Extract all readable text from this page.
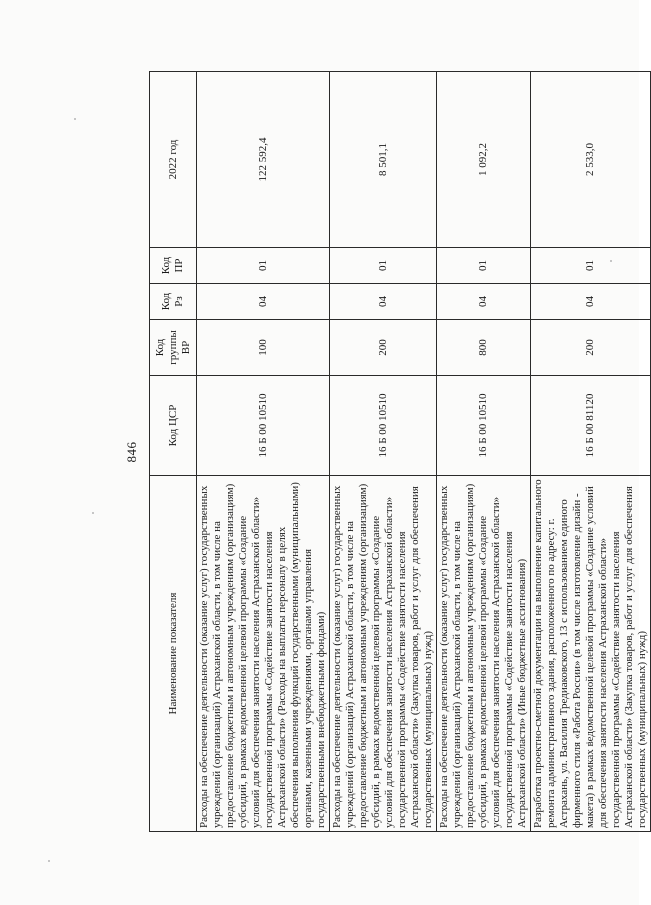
846
Наименование показателя	Код ЦСР	Код группы ВР	Код Рз	Код ПР	2022 год
Расходы на обеспечение деятельности (оказание услуг) государственных учреждений (организаций) Астраханской области, в том числе на предоставление бюджетным и автономным учреждениям (организациям) субсидий, в рамках ведомственной целевой программы «Создание условий для обеспечения занятости населения Астраханской области» государственной программы «Содействие занятости населения Астраханской области» (Расходы на выплаты персоналу в целях обеспечения выполнения функций государственными (муниципальными) органами, казенными учреждениями, органами управления государственными внебюджетными фондами)	16 Б 00 10510	100	04	01	122 592,4
Расходы на обеспечение деятельности (оказание услуг) государственных учреждений (организаций) Астраханской области, в том числе на предоставление бюджетным и автономным учреждениям (организациям) субсидий, в рамках ведомственной целевой программы «Создание условий для обеспечения занятости населения Астраханской области» государственной программы «Содействие занятости населения Астраханской области» (Закупка товаров, работ и услуг для обеспечения государственных (муниципальных) нужд)	16 Б 00 10510	200	04	01	8 501,1
Расходы на обеспечение деятельности (оказание услуг) государственных учреждений (организаций) Астраханской области, в том числе на предоставление бюджетным и автономным учреждениям (организациям) субсидий, в рамках ведомственной целевой программы «Создание условий для обеспечения занятости населения Астраханской области» государственной программы «Содействие занятости населения Астраханской области» (Иные бюджетные ассигнования)	16 Б 00 10510	800	04	01	1 092,2
Разработка проектно-сметной документации на выполнение капитального ремонта административного здания, расположенного по адресу: г. Астрахань, ул. Василия Тредиаковского, 13 с использованием единого фирменного стиля «Работа России» (в том числе изготовление дизайн - макета) в рамках ведомственной целевой программы «Создание условий для обеспечения занятости населения Астраханской области» государственной программы «Содействие занятости населения Астраханской области» (Закупка товаров, работ и услуг для обеспечения государственных (муниципальных) нужд)	16 Б 00 81120	200	04	01	2 533,0
